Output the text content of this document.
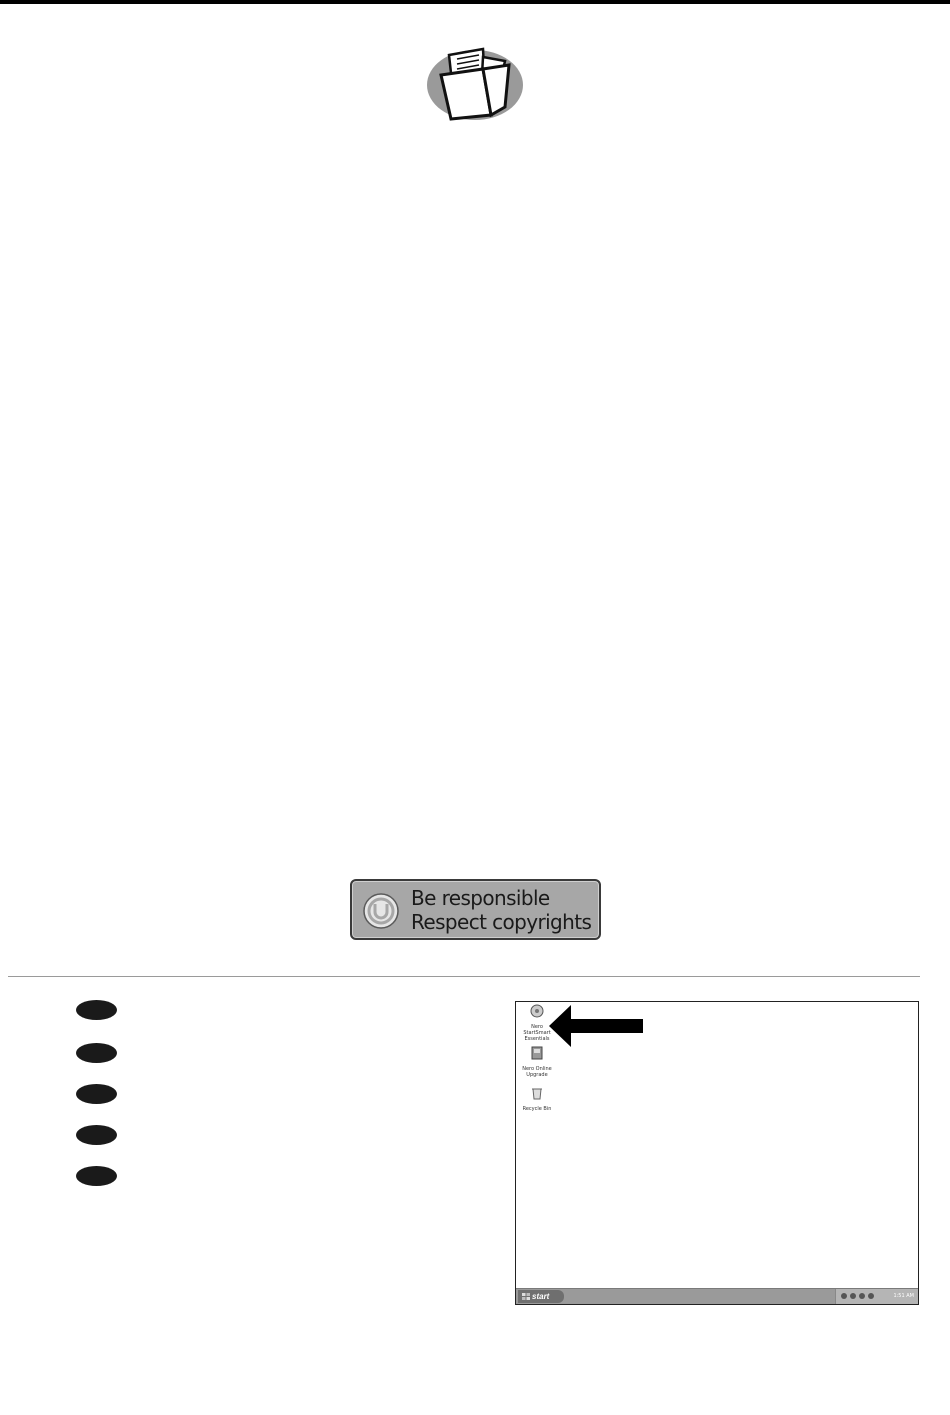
Be responsible
Respect copyrights
Nero
StartSmart
Essentials
Nero Online
Upgrade
Recycle Bin
start	1:51 AM
